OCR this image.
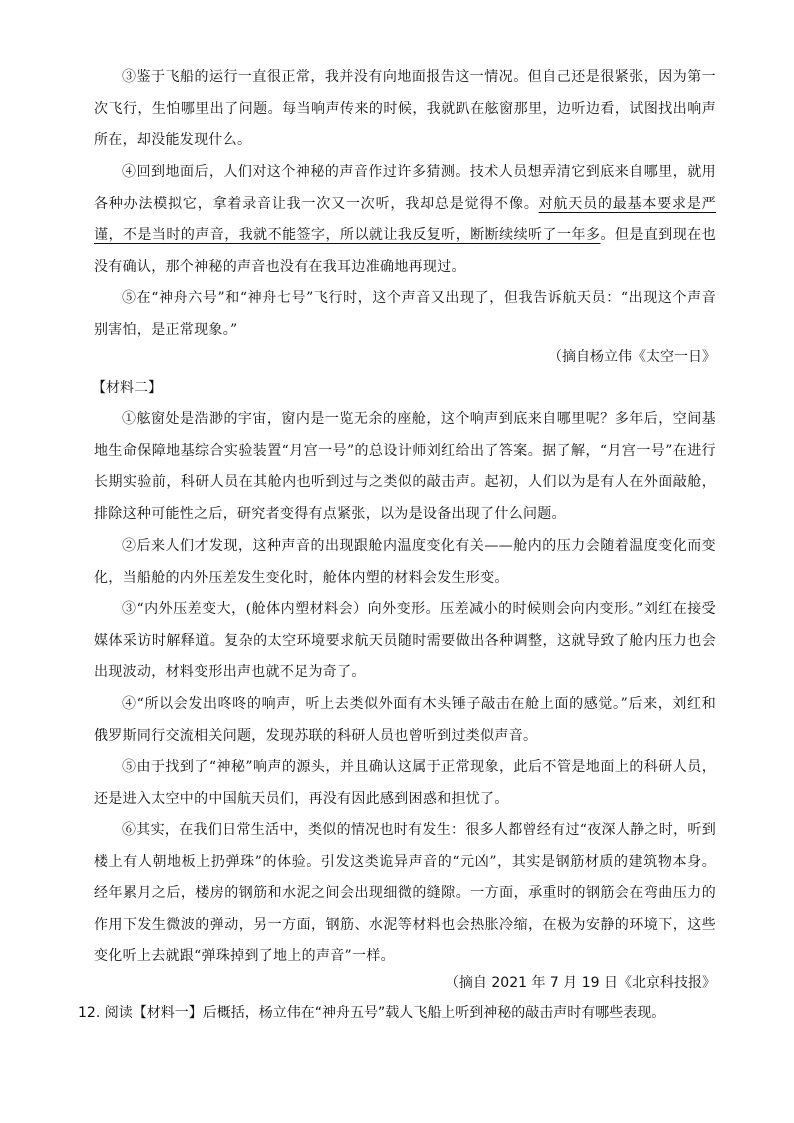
③鉴于飞船的运行一直很正常，我并没有向地面报告这一情况。但自己还是很紧张，因为第一次飞行，生怕哪里出了问题。每当响声传来的时候，我就趴在舷窗那里，边听边看，试图找出响声所在，却没能发现什么。

④回到地面后，人们对这个神秘的声音作过许多猜测。技术人员想弄清它到底来自哪里，就用各种办法模拟它，拿着录音让我一次又一次听，我却总是觉得不像。对航天员的最基本要求是严谨，不是当时的声音，我就不能签字，所以就让我反复听，断断续续听了一年多。但是直到现在也没有确认，那个神秘的声音也没有在我耳边准确地再现过。

⑤在“神舟六号”和“神舟七号”飞行时，这个声音又出现了，但我告诉航天员：“出现这个声音别害怕，是正常现象。”

（摘自杨立伟《太空一日》

【材料二】

①舷窗处是浩渺的宇宙，窗内是一览无余的座舱，这个响声到底来自哪里呢？多年后，空间基地生命保障地基综合实验装置“月宫一号”的总设计师刘红给出了答案。据了解，“月宫一号”在进行长期实验前，科研人员在其舱内也听到过与之类似的敲击声。起初，人们以为是有人在外面敲舱，排除这种可能性之后，研究者变得有点紧张，以为是设备出现了什么问题。

②后来人们才发现，这种声音的出现跟舱内温度变化有关——舱内的压力会随着温度变化而变化，当船舱的内外压差发生变化时，舱体内塑的材料会发生形变。

③“内外压差变大，(舱体内塑材料会）向外变形。压差减小的时候则会向内变形。”刘红在接受媒体采访时解释道。复杂的太空环境要求航天员随时需要做出各种调整，这就导致了舱内压力也会出现波动，材料变形出声也就不足为奇了。

④“所以会发出咚咚的响声，听上去类似外面有木头锤子敲击在舱上面的感觉。”后来，刘红和俄罗斯同行交流相关问题，发现苏联的科研人员也曾听到过类似声音。

⑤由于找到了“神秘”响声的源头，并且确认这属于正常现象，此后不管是地面上的科研人员，还是进入太空中的中国航天员们，再没有因此感到困惑和担忧了。

⑥其实，在我们日常生活中，类似的情况也时有发生：很多人都曾经有过“夜深人静之时，听到楼上有人朝地板上扔弹珠”的体验。引发这类诡异声音的“元凶”，其实是钢筋材质的建筑物本身。经年累月之后，楼房的钢筋和水泥之间会出现细微的缝隙。一方面，承重时的钢筋会在弯曲压力的作用下发生微波的弹动，另一方面，钢筋、水泥等材料也会热胀冷缩，在极为安静的环境下，这些变化听上去就跟“弹珠掉到了地上的声音”一样。

（摘自 2021 年 7 月 19 日《北京科技报》

12. 阅读【材料一】后概括，杨立伟在“神舟五号”载人飞船上听到神秘的敲击声时有哪些表现。
